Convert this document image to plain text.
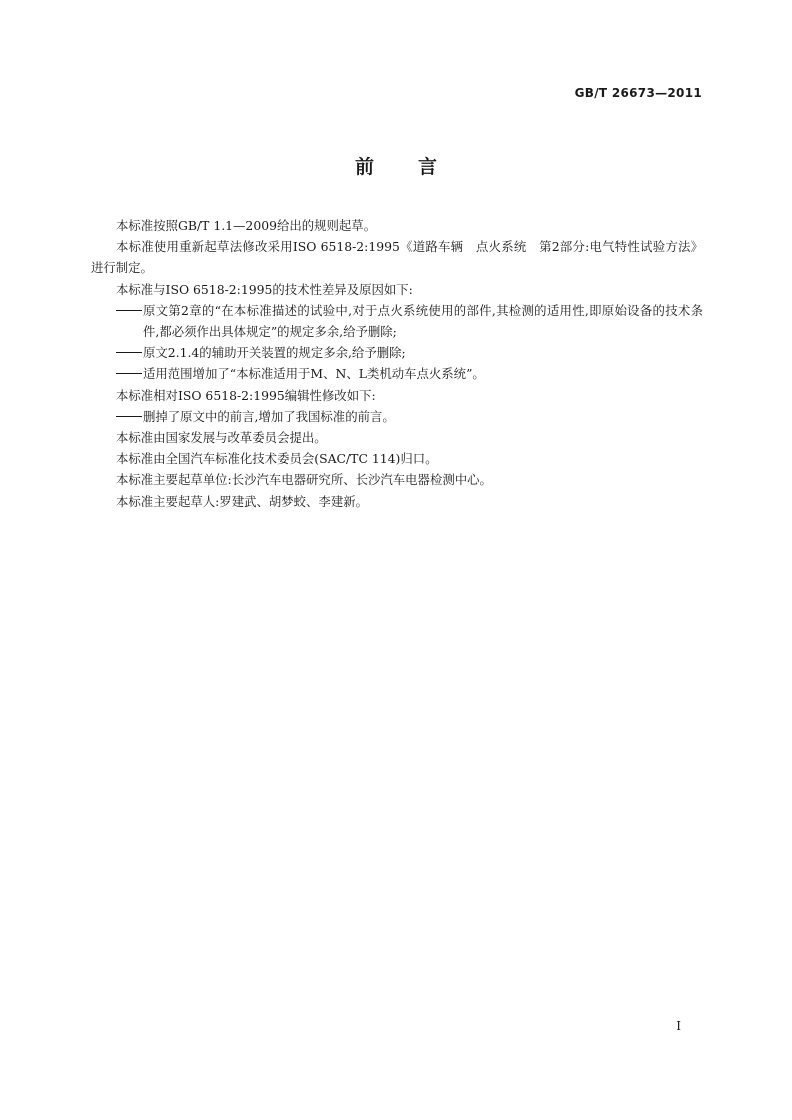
GB/T 26673—2011
前言

本标准按照GB/T 1.1—2009给出的规则起草。

本标准使用重新起草法修改采用ISO 6518-2:1995《道路车辆　点火系统　第2部分:电气特性试验方法》进行制定。

本标准与ISO 6518-2:1995的技术性差异及原因如下:

原文第2章的“在本标准描述的试验中,对于点火系统使用的部件,其检测的适用性,即原始设备的技术条件,都必须作出具体规定”的规定多余,给予删除;
原文2.1.4的辅助开关装置的规定多余,给予删除;
适用范围增加了“本标准适用于M、N、L类机动车点火系统”。

本标准相对ISO 6518-2:1995编辑性修改如下:

删掉了原文中的前言,增加了我国标准的前言。

本标准由国家发展与改革委员会提出。

本标准由全国汽车标准化技术委员会(SAC/TC 114)归口。

本标准主要起草单位:长沙汽车电器研究所、长沙汽车电器检测中心。

本标准主要起草人:罗建武、胡梦蛟、李建新。

I
